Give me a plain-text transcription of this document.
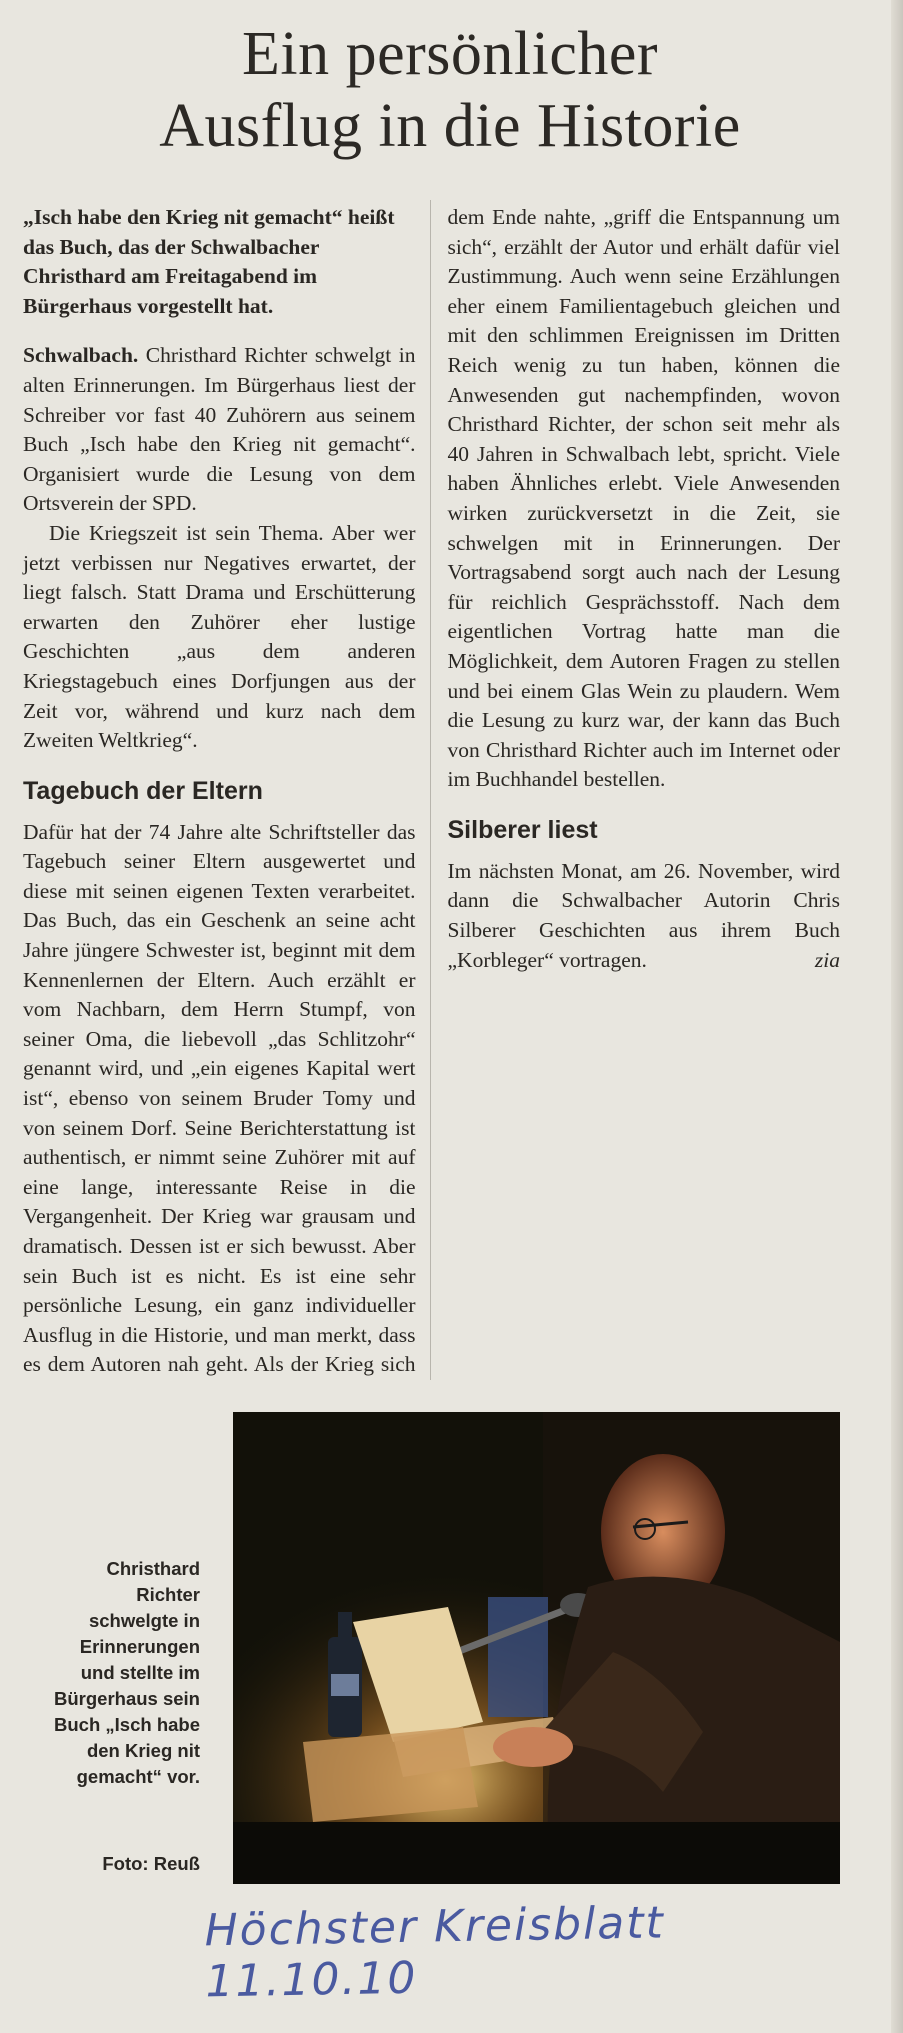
Ein persönlicher
Ausflug in die Historie

„Isch habe den Krieg nit gemacht“ heißt das Buch, das der Schwalbacher Christhard am Freitagabend im Bürgerhaus vorgestellt hat.

Schwalbach. Christhard Richter schwelgt in alten Erinnerungen. Im Bürgerhaus liest der Schreiber vor fast 40 Zuhörern aus seinem Buch „Isch habe den Krieg nit gemacht“. Organisiert wurde die Lesung von dem Ortsverein der SPD.

Die Kriegszeit ist sein Thema. Aber wer jetzt verbissen nur Negatives erwartet, der liegt falsch. Statt Drama und Erschütterung erwarten den Zuhörer eher lustige Geschichten „aus dem anderen Kriegstagebuch eines Dorfjungen aus der Zeit vor, während und kurz nach dem Zweiten Weltkrieg“.

Tagebuch der Eltern

Dafür hat der 74 Jahre alte Schriftsteller das Tagebuch seiner Eltern ausgewertet und diese mit seinen eigenen Texten verarbeitet. Das Buch, das ein Geschenk an seine acht Jahre jüngere Schwester ist, beginnt mit dem Kennenlernen der Eltern. Auch erzählt er vom Nachbarn, dem Herrn Stumpf, von seiner Oma, die liebevoll „das Schlitzohr“ genannt wird, und „ein eigenes Kapital wert ist“, ebenso von seinem Bruder Tomy und von seinem Dorf. Seine Berichterstattung ist authentisch, er nimmt seine Zuhörer mit auf eine lange, interessante Reise in die Vergangenheit. Der Krieg war grausam und dramatisch. Dessen ist er sich bewusst. Aber sein Buch ist es nicht. Es ist eine sehr persönliche Lesung, ein ganz individueller Ausflug in die Historie, und man merkt, dass es dem Autoren nah geht. Als der Krieg sich dem Ende nahte, „griff die Entspannung um sich“, erzählt der Autor und erhält dafür viel Zustimmung. Auch wenn seine Erzählungen eher einem Familientagebuch gleichen und mit den schlimmen Ereignissen im Dritten Reich wenig zu tun haben, können die Anwesenden gut nachempfinden, wovon Christhard Richter, der schon seit mehr als 40 Jahren in Schwalbach lebt, spricht. Viele haben Ähnliches erlebt. Viele Anwesenden wirken zurückversetzt in die Zeit, sie schwelgen mit in Erinnerungen. Der Vortragsabend sorgt auch nach der Lesung für reichlich Gesprächsstoff. Nach dem eigentlichen Vortrag hatte man die Möglichkeit, dem Autoren Fragen zu stellen und bei einem Glas Wein zu plaudern. Wem die Lesung zu kurz war, der kann das Buch von Christhard Richter auch im Internet oder im Buchhandel bestellen.

Silberer liest

Im nächsten Monat, am 26. November, wird dann die Schwalbacher Autorin Chris Silberer Geschichten aus ihrem Buch „Korbleger“ vortragen.	zia

Christhard Richter schwelgte in Erinnerungen und stellte im Bürgerhaus sein Buch „Isch habe den Krieg nit gemacht“ vor.
Foto: Reuß
Höchster Kreisblatt 11.10.10
